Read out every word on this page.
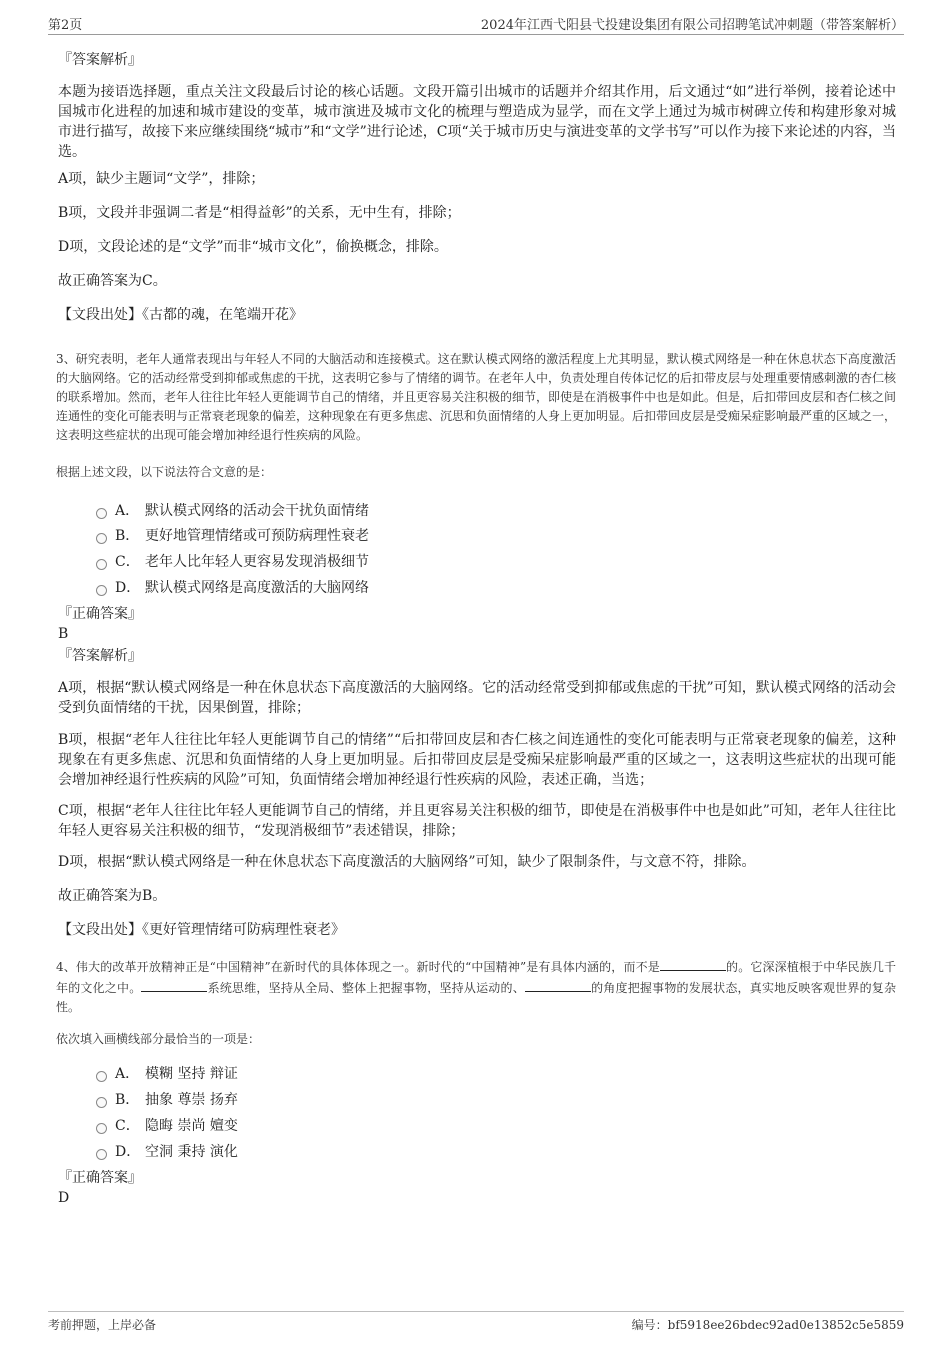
第2页	2024年江西弋阳县弋投建设集团有限公司招聘笔试冲刺题（带答案解析）

『答案解析』

本题为接语选择题，重点关注文段最后讨论的核心话题。文段开篇引出城市的话题并介绍其作用，后文通过“如”进行举例，接着论述中国城市化进程的加速和城市建设的变革，城市演进及城市文化的梳理与塑造成为显学，而在文学上通过为城市树碑立传和构建形象对城市进行描写，故接下来应继续围绕“城市”和“文学”进行论述，C项“关于城市历史与演进变革的文学书写”可以作为接下来论述的内容，当选。

A项，缺少主题词“文学”，排除；

B项，文段并非强调二者是“相得益彰”的关系，无中生有，排除；

D项，文段论述的是“文学”而非“城市文化”，偷换概念，排除。

故正确答案为C。

【文段出处】《古都的魂，在笔端开花》

3、研究表明，老年人通常表现出与年轻人不同的大脑活动和连接模式。这在默认模式网络的激活程度上尤其明显，默认模式网络是一种在休息状态下高度激活的大脑网络。它的活动经常受到抑郁或焦虑的干扰，这表明它参与了情绪的调节。在老年人中，负责处理自传体记忆的后扣带皮层与处理重要情感刺激的杏仁核的联系增加。然而，老年人往往比年轻人更能调节自己的情绪，并且更容易关注积极的细节，即使是在消极事件中也是如此。但是，后扣带回皮层和杏仁核之间连通性的变化可能表明与正常衰老现象的偏差，这种现象在有更多焦虑、沉思和负面情绪的人身上更加明显。后扣带回皮层是受痴呆症影响最严重的区域之一，这表明这些症状的出现可能会增加神经退行性疾病的风险。

根据上述文段，以下说法符合文意的是：

A． 默认模式网络的活动会干扰负面情绪
B． 更好地管理情绪或可预防病理性衰老
C． 老年人比年轻人更容易发现消极细节
D． 默认模式网络是高度激活的大脑网络

『正确答案』

B

『答案解析』

A项，根据“默认模式网络是一种在休息状态下高度激活的大脑网络。它的活动经常受到抑郁或焦虑的干扰”可知，默认模式网络的活动会受到负面情绪的干扰，因果倒置，排除；

B项，根据“老年人往往比年轻人更能调节自己的情绪”“后扣带回皮层和杏仁核之间连通性的变化可能表明与正常衰老现象的偏差，这种现象在有更多焦虑、沉思和负面情绪的人身上更加明显。后扣带回皮层是受痴呆症影响最严重的区域之一，这表明这些症状的出现可能会增加神经退行性疾病的风险”可知，负面情绪会增加神经退行性疾病的风险，表述正确，当选；

C项，根据“老年人往往比年轻人更能调节自己的情绪，并且更容易关注积极的细节，即使是在消极事件中也是如此”可知，老年人往往比年轻人更容易关注积极的细节，“发现消极细节”表述错误，排除；

D项，根据“默认模式网络是一种在休息状态下高度激活的大脑网络”可知，缺少了限制条件，与文意不符，排除。

故正确答案为B。

【文段出处】《更好管理情绪可防病理性衰老》

4、伟大的改革开放精神正是“中国精神”在新时代的具体体现之一。新时代的“中国精神”是有具体内涵的，而不是	的。它深深植根于中华民族几千年的文化之中。	系统思维，坚持从全局、整体上把握事物，坚持从运动的、	的角度把握事物的发展状态，真实地反映客观世界的复杂性。

依次填入画横线部分最恰当的一项是：

A． 模糊 坚持 辩证
B． 抽象 尊崇 扬弃
C． 隐晦 崇尚 嬗变
D． 空洞 秉持 演化

『正确答案』

D

考前押题，上岸必备	编号：bf5918ee26bdec92ad0e13852c5e5859
